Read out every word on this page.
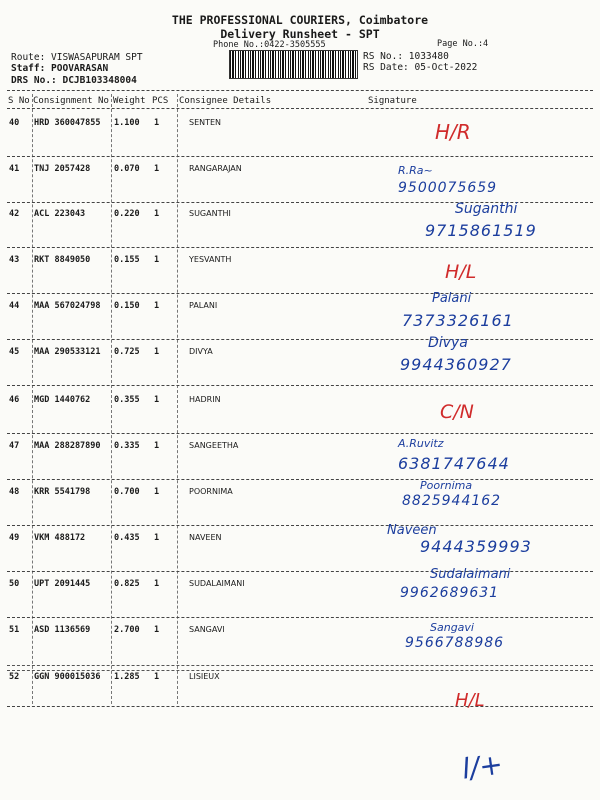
THE PROFESSIONAL COURIERS, Coimbatore
Delivery Runsheet - SPT
Phone No.:0422-3505555	Page No.:4
Route: VISWASAPURAM SPT
Staff: POOVARASAN
DRS No.: DCJB103348004
RS No.: 1033480
RS Date: 05-Oct-2022
S No Consignment No Weight PCS Consignee Details	Signature
40 HRD 360047855 1.100 1	SENTEN	H/R
41 TNJ 2057428	0.070 1	RANGARAJAN	R.Ra~
9500075659
42 ACL 223043	0.220 1	SUGANTHI	Suganthi
9715861519
43 RKT 8849050	0.155 1	YESVANTH
H/L
44 MAA 567024798 0.150 1	PALANI	Palani
7373326161
45 MAA 290533121 0.725 1	DIVYA
Divya
9944360927
46 MGD 1440762	0.355 1	HADRIN
C/N
47 MAA 288287890 0.335 1	SANGEETHA	A.Ruvitz
6381747644
48 KRR 5541798	0.700 1	POORNIMA	Poornima
8825944162
49 VKM 488172	0.435 1	NAVEEN	Naveen
9444359993
50 UPT 2091445	0.825 1	SUDALAIMANI
Sudalaimani
9962689631
51 ASD 1136569	2.700 1	SANGAVI	Sangavi
9566788986
52 GGN 900015036 1.285 1	LISIEUX
H/L
l/+
